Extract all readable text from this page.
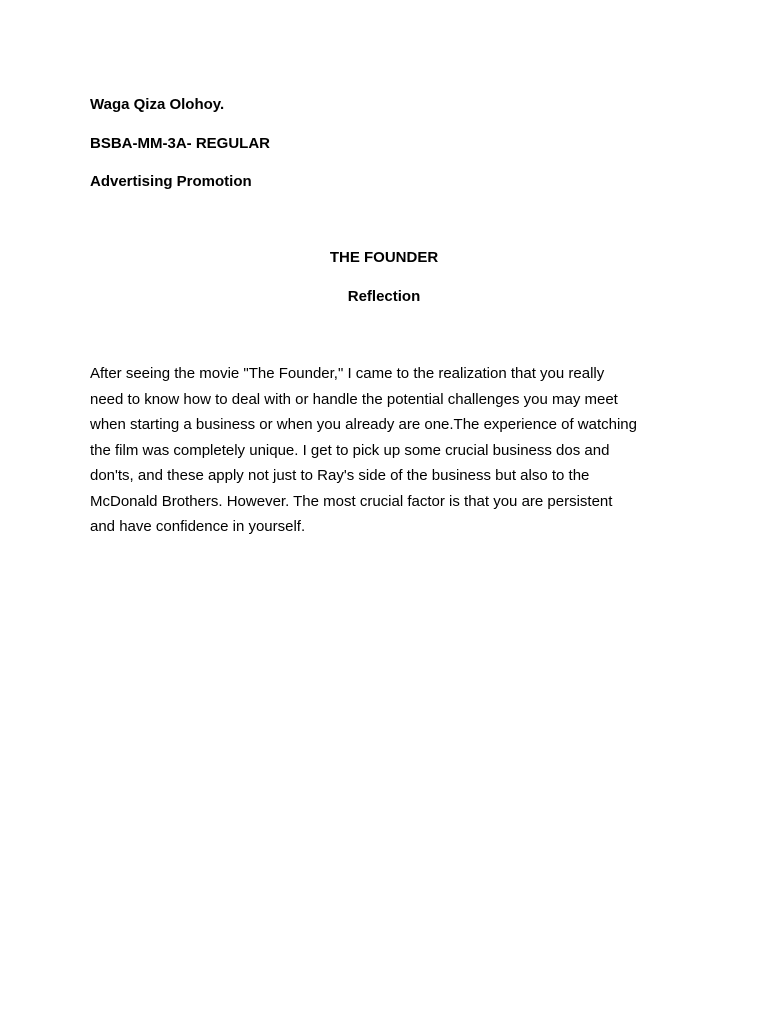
Waga Qiza Olohoy.
BSBA-MM-3A- REGULAR
Advertising Promotion
THE FOUNDER
Reflection
After seeing the movie "The Founder," I came to the realization that you really
need to know how to deal with or handle the potential challenges you may meet
when starting a business or when you already are one.The experience of watching
the film was completely unique. I get to pick up some crucial business dos and
don'ts, and these apply not just to Ray's side of the business but also to the
McDonald Brothers. However. The most crucial factor is that you are persistent
and have confidence in yourself.
